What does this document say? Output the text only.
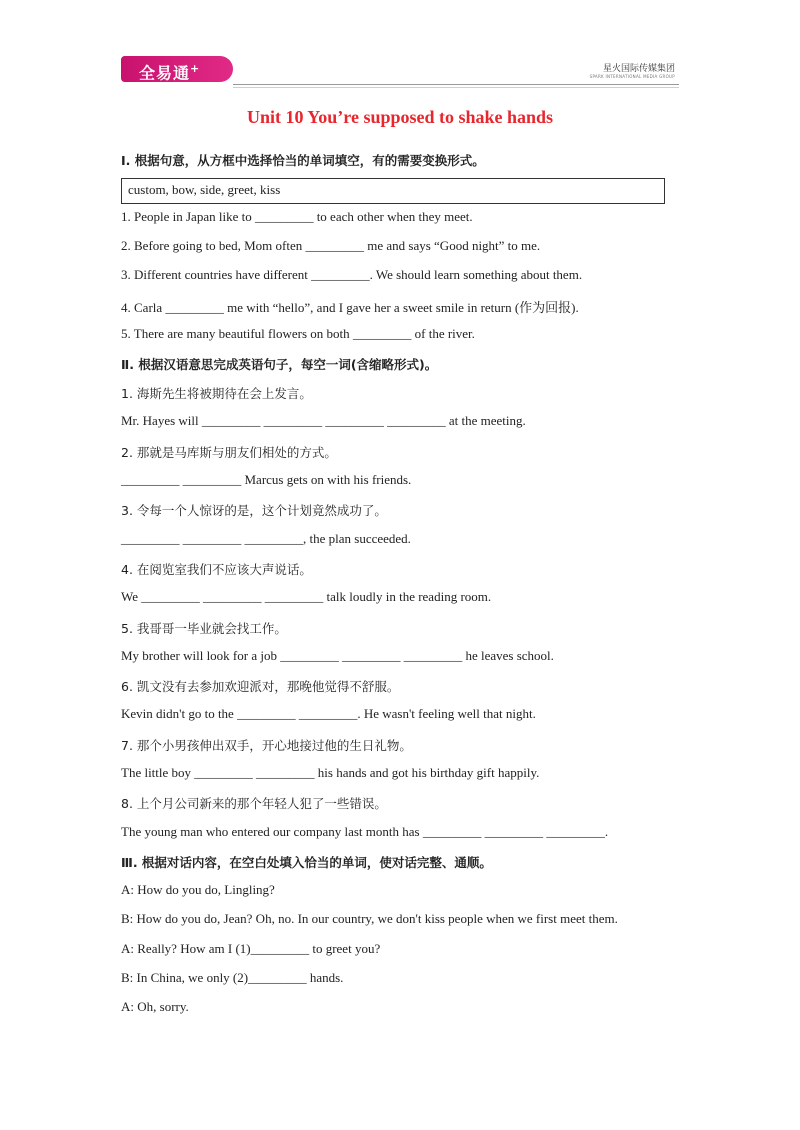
全易通+	星火国际传媒集团
SPARK INTERNATIONAL MEDIA GROUP
Unit 10 You’re supposed to shake hands
Ⅰ. 根据句意，从方框中选择恰当的单词填空，有的需要变换形式。
custom, bow, side, greet, kiss
1. People in Japan like to _________ to each other when they meet.
2. Before going to bed, Mom often _________ me and says “Good night” to me.
3. Different countries have different _________. We should learn something about them.
4. Carla _________ me with “hello”, and I gave her a sweet smile in return (作为回报).
5. There are many beautiful flowers on both _________ of the river.
Ⅱ. 根据汉语意思完成英语句子，每空一词(含缩略形式)。
1. 海斯先生将被期待在会上发言。
Mr. Hayes will _________ _________ _________ _________ at the meeting.
2. 那就是马库斯与朋友们相处的方式。
_________ _________ Marcus gets on with his friends.
3. 令每一个人惊讶的是，这个计划竟然成功了。
_________ _________ _________, the plan succeeded.
4. 在阅览室我们不应该大声说话。
We _________ _________ _________ talk loudly in the reading room.
5. 我哥哥一毕业就会找工作。
My brother will look for a job _________ _________ _________ he leaves school.
6. 凯文没有去参加欢迎派对，那晚他觉得不舒服。
Kevin didn't go to the _________ _________. He wasn't feeling well that night.
7. 那个小男孩伸出双手，开心地接过他的生日礼物。
The little boy _________ _________ his hands and got his birthday gift happily.
8. 上个月公司新来的那个年轻人犯了一些错误。
The young man who entered our company last month has _________ _________ _________.
Ⅲ. 根据对话内容，在空白处填入恰当的单词，使对话完整、通顺。
A: How do you do, Lingling?
B: How do you do, Jean? Oh, no. In our country, we don't kiss people when we first meet them.
A: Really? How am I (1)_________ to greet you?
B: In China, we only (2)_________ hands.
A: Oh, sorry.
